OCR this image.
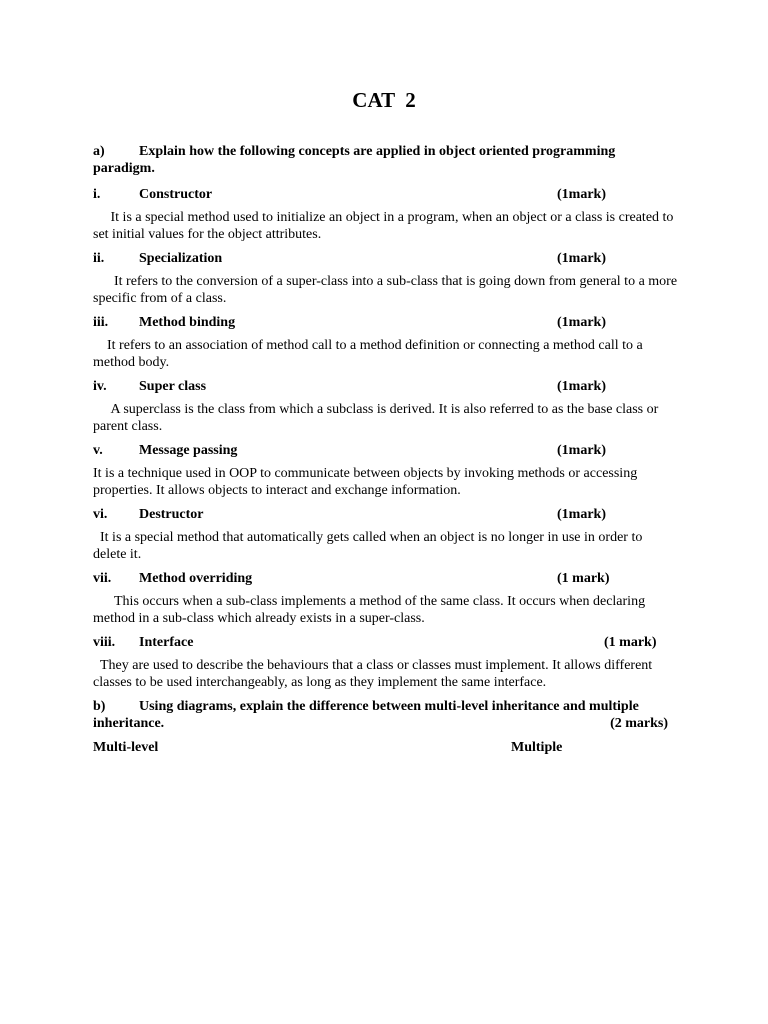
CAT  2
a)	Explain how the following concepts are applied in object oriented programming paradigm.
i.	Constructor	(1mark)
It is a special method used to initialize an object in a program, when an object or a class is created to set initial values for the object attributes.
ii. Specialization	(1mark)
It refers to the conversion of a super-class into a sub-class that is going down from general to a more specific from of a class.
iii. Method binding	(1mark)
It refers to an association of method call to a method definition or connecting a method call to a method body.
iv. Super class	(1mark)
A superclass is the class from which a subclass is derived. It is also referred to as the base class or parent class.
v.	Message passing	(1mark)
It is a technique used in OOP to communicate between objects by invoking methods or accessing properties. It allows objects to interact and exchange information.
vi. Destructor	(1mark)
It is a special method that automatically gets called when an object is no longer in use in order to delete it.
vii. Method overriding	(1 mark)
This occurs when a sub-class implements a method of the same class. It occurs when declaring method in a sub-class which already exists in a super-class.
viii. Interface	(1 mark)
They are used to describe the behaviours that a class or classes must implement. It allows different classes to be used interchangeably, as long as they implement the same interface.
b)	Using diagrams, explain the difference between multi-level inheritance and multiple inheritance.	(2 marks)
Multi-level	Multiple
